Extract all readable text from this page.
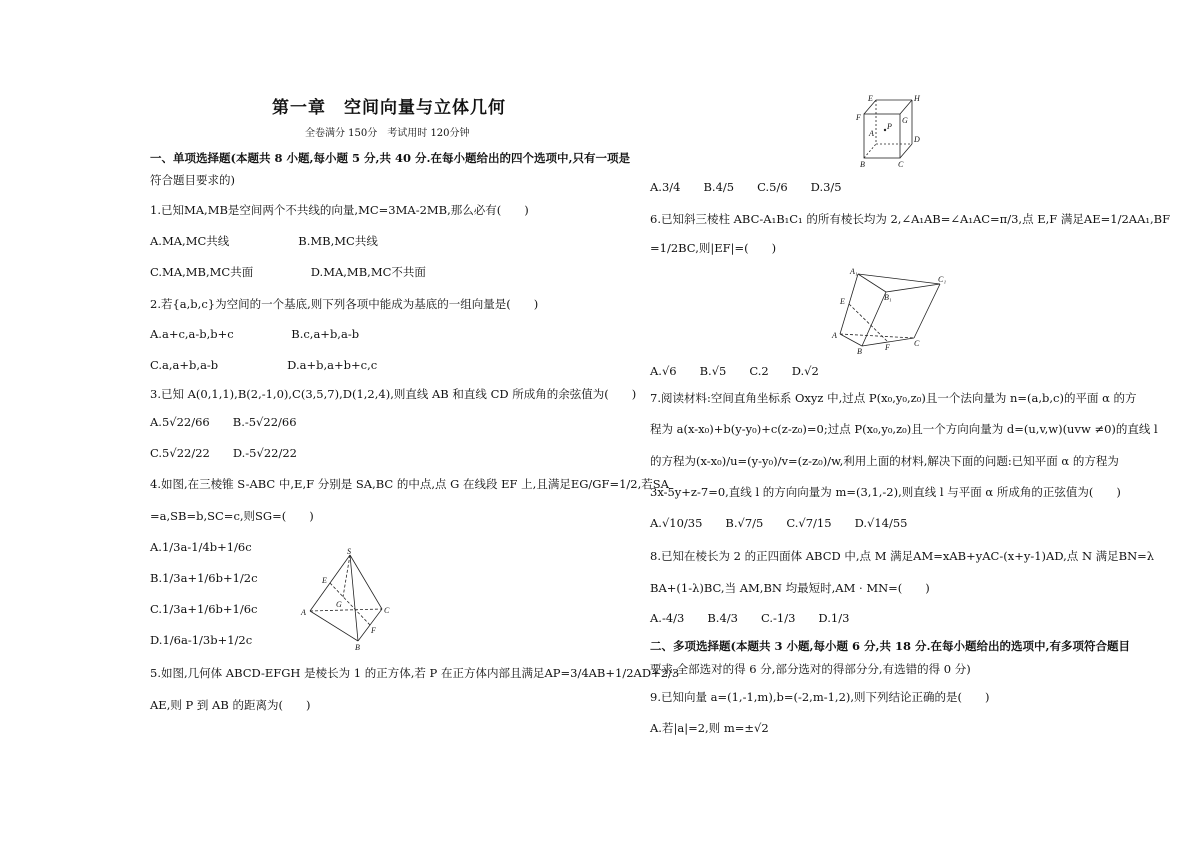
第一章　空间向量与立体几何
全卷满分 150分　考试用时 120分钟
一、单项选择题(本题共 8 小题,每小题 5 分,共 40 分.在每小题给出的四个选项中,只有一项是
符合题目要求的)
1.已知MA,MB是空间两个不共线的向量,MC=3MA-2MB,那么必有(　　)
A.MA,MC共线　　　　　　B.MB,MC共线
C.MA,MB,MC共面　　　　　D.MA,MB,MC不共面
2.若{a,b,c}为空间的一个基底,则下列各项中能成为基底的一组向量是(　　)
A.a+c,a-b,b+c　　　　　B.c,a+b,a-b
C.a,a+b,a-b　　　　　　D.a+b,a+b+c,c
3.已知 A(0,1,1),B(2,-1,0),C(3,5,7),D(1,2,4),则直线 AB 和直线 CD 所成角的余弦值为(　　)
A.5√22/66　　B.-5√22/66
C.5√22/22　　D.-5√22/22
4.如图,在三棱锥 S-ABC 中,E,F 分别是 SA,BC 的中点,点 G 在线段 EF 上,且满足EG/GF=1/2,若SA
=a,SB=b,SC=c,则SG=(　　)
A.1/3a-1/4b+1/6c
B.1/3a+1/6b+1/2c
C.1/3a+1/6b+1/6c
D.1/6a-1/3b+1/2c
5.如图,几何体 ABCD-EFGH 是棱长为 1 的正方体,若 P 在正方体内部且满足AP=3/4AB+1/2AD+2/3
AE,则 P 到 AB 的距离为(　　)
S
E
A
G
C
F
B
E	H
F	G
A
P
D
B	C
A.3/4　　B.4/5　　C.5/6　　D.3/5
6.已知斜三棱柱 ABC-A₁B₁C₁ 的所有棱长均为 2,∠A₁AB=∠A₁AC=π/3,点 E,F 满足AE=1/2AA₁,BF
=1/2BC,则|EF|=(　　)
A.√6　　B.√5　　C.2　　D.√2
7.阅读材料:空间直角坐标系 Oxyz 中,过点 P(x₀,y₀,z₀)且一个法向量为 n=(a,b,c)的平面 α 的方
程为 a(x-x₀)+b(y-y₀)+c(z-z₀)=0;过点 P(x₀,y₀,z₀)且一个方向向量为 d=(u,v,w)(uvw ≠0)的直线 l
的方程为(x-x₀)/u=(y-y₀)/v=(z-z₀)/w,利用上面的材料,解决下面的问题:已知平面 α 的方程为
3x-5y+z-7=0,直线 l 的方向向量为 m=(3,1,-2),则直线 l 与平面 α 所成角的正弦值为(　　)
A.√10/35　　B.√7/5　　C.√7/15　　D.√14/55
8.已知在棱长为 2 的正四面体 ABCD 中,点 M 满足AM=xAB+yAC-(x+y-1)AD,点 N 满足BN=λ
BA+(1-λ)BC,当 AM,BN 均最短时,AM · MN=(　　)
A.-4/3　　B.4/3　　C.-1/3　　D.1/3
二、多项选择题(本题共 3 小题,每小题 6 分,共 18 分.在每小题给出的选项中,有多项符合题目
要求,全部选对的得 6 分,部分选对的得部分分,有选错的得 0 分)
9.已知向量 a=(1,-1,m),b=(-2,m-1,2),则下列结论正确的是(　　)
A.若|a|=2,则 m=±√2
A₁
B₁
C₁
E
A
B	F	C
